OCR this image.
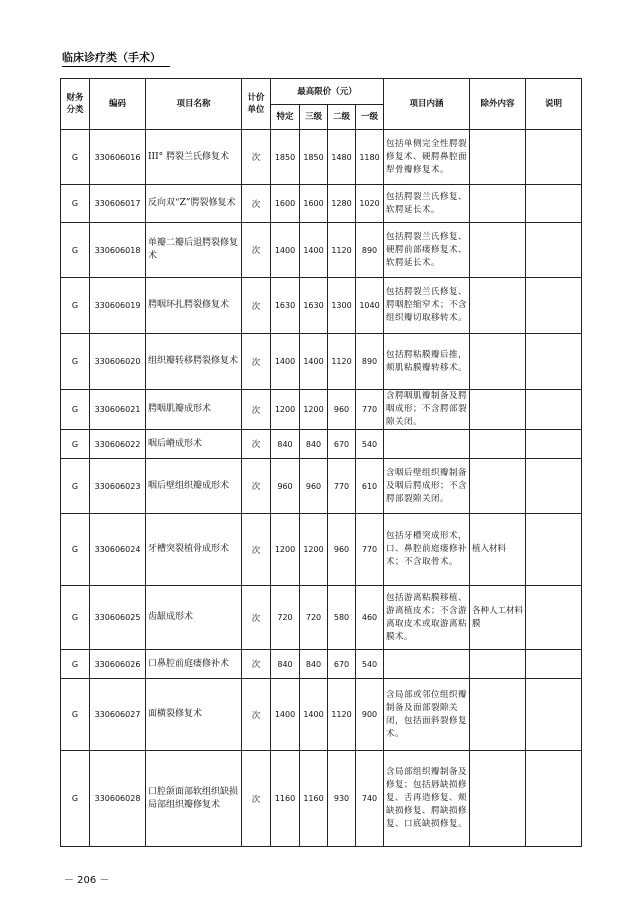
临床诊疗类（手术）
财务分类	编码	项目名称	计价单位	最高限价（元）				项目内涵	除外内容	说明
				特定	三级	二级	一级			
G	330606016	III° 腭裂兰氏修复术	次	1850	1850	1480	1180	包括单侧完全性腭裂修复术、硬腭鼻腔面犁骨瓣修复术。		
G	330606017	反向双“Z”腭裂修复术	次	1600	1600	1280	1020	包括腭裂兰氏修复、软腭延长术。		
G	330606018	单瓣二瓣后退腭裂修复术	次	1400	1400	1120	890	包括腭裂兰氏修复、硬腭前部瘘修复术、软腭延长术。		
G	330606019	腭咽环扎腭裂修复术	次	1630	1630	1300	1040	包括腭裂兰氏修复、腭咽腔缩窄术；不含组织瓣切取移转术。		
G	330606020	组织瓣转移腭裂修复术	次	1400	1400	1120	890	包括腭粘膜瓣后推，颊肌粘膜瓣转移术。		
G	330606021	腭咽肌瓣成形术	次	1200	1200	960	770	含腭咽肌瓣制备及腭咽成形；不含腭部裂隙关闭。		
G	330606022	咽后嵴成形术	次	840	840	670	540			
G	330606023	咽后壁组织瓣成形术	次	960	960	770	610	含咽后壁组织瓣制备及咽后腭成形；不含腭部裂隙关闭。		
G	330606024	牙槽突裂植骨成形术	次	1200	1200	960	770	包括牙槽突成形术，口、鼻腔前庭瘘修补术；不含取骨术。	植入材料	
G	330606025	齿龈成形术	次	720	720	580	460	包括游离粘膜移植、游离植皮术；不含游离取皮术或取游离粘膜术。	各种人工材料膜	
G	330606026	口鼻腔前庭瘘修补术	次	840	840	670	540			
G	330606027	面横裂修复术	次	1400	1400	1120	900	含局部或邻位组织瓣制备及面部裂隙关闭，包括面斜裂修复术。		
G	330606028	口腔颌面部软组织缺损局部组织瓣修复术	次	1160	1160	930	740	含局部组织瓣制备及修复；包括唇缺损修复、舌再造修复、颊缺损修复、腭缺损修复、口底缺损修复。		
－ 206 －
